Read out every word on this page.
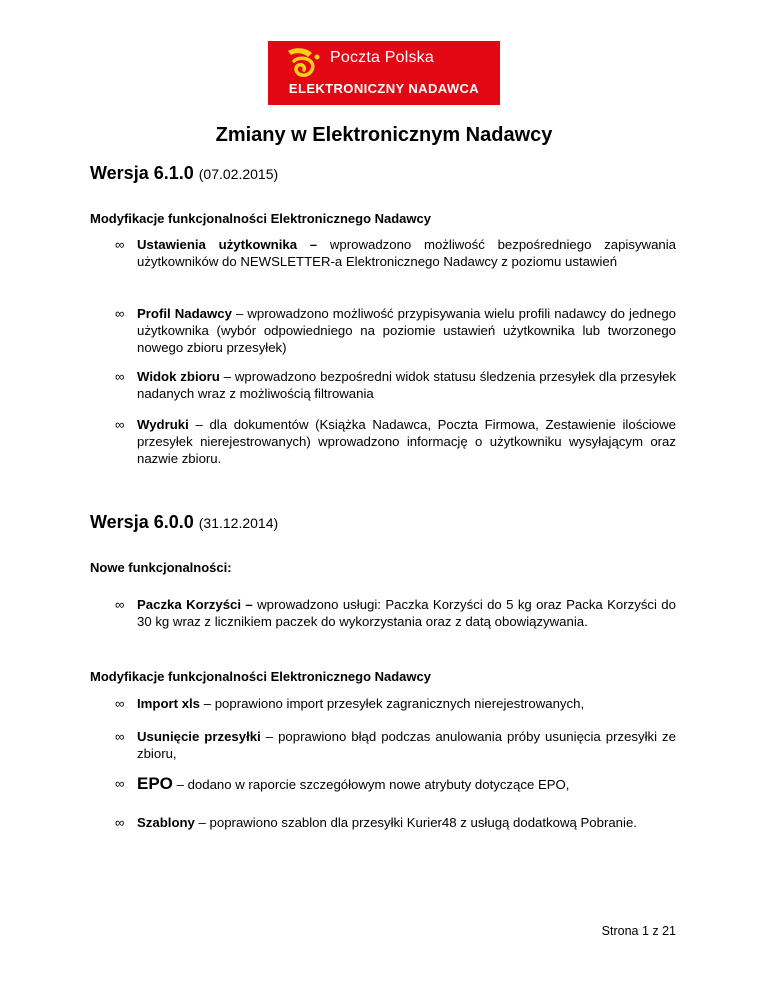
Poczta Polska
ELEKTRONICZNY NADAWCA
Zmiany w Elektronicznym Nadawcy
Wersja 6.1.0 (07.02.2015)
Modyfikacje funkcjonalności Elektronicznego Nadawcy
∞ Ustawienia użytkownika – wprowadzono możliwość bezpośredniego zapisywania użytkowników do NEWSLETTER-a Elektronicznego Nadawcy z poziomu ustawień
∞ Profil Nadawcy – wprowadzono możliwość przypisywania wielu profili nadawcy do jednego użytkownika (wybór odpowiedniego na poziomie ustawień użytkownika lub tworzonego nowego zbioru przesyłek)
∞ Widok zbioru – wprowadzono bezpośredni widok statusu śledzenia przesyłek dla przesyłek nadanych wraz z możliwością filtrowania
∞ Wydruki – dla dokumentów (Książka Nadawca, Poczta Firmowa, Zestawienie ilościowe przesyłek nierejestrowanych) wprowadzono informację o użytkowniku wysyłającym oraz nazwie zbioru.
Wersja 6.0.0 (31.12.2014)
Nowe funkcjonalności:
∞ Paczka Korzyści – wprowadzono usługi: Paczka Korzyści do 5 kg oraz Packa Korzyści do 30 kg wraz z licznikiem paczek do wykorzystania oraz z datą obowiązywania.
Modyfikacje funkcjonalności Elektronicznego Nadawcy
∞ Import xls – poprawiono import przesyłek zagranicznych nierejestrowanych,
∞ Usunięcie przesyłki – poprawiono błąd podczas anulowania próby usunięcia przesyłki ze zbioru,
∞ EPO – dodano w raporcie szczegółowym nowe atrybuty dotyczące EPO,
∞ Szablony – poprawiono szablon dla przesyłki Kurier48 z usługą dodatkową Pobranie.
Strona 1 z 21
